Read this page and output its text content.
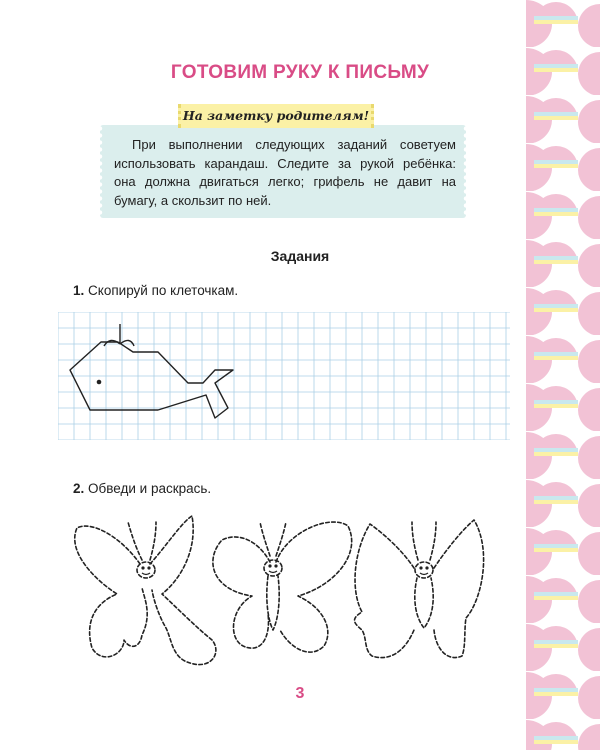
ГОТОВИМ РУКУ К ПИСЬМУ
При выполнении следующих заданий советуем
использовать карандаш. Следите за рукой ребёнка:
она должна двигаться легко; грифель не давит на
бумагу, а скользит по ней.
На заметку родителям!
Задания
1. Скопируй по клеточкам.
2. Обведи и раскрась.
3
